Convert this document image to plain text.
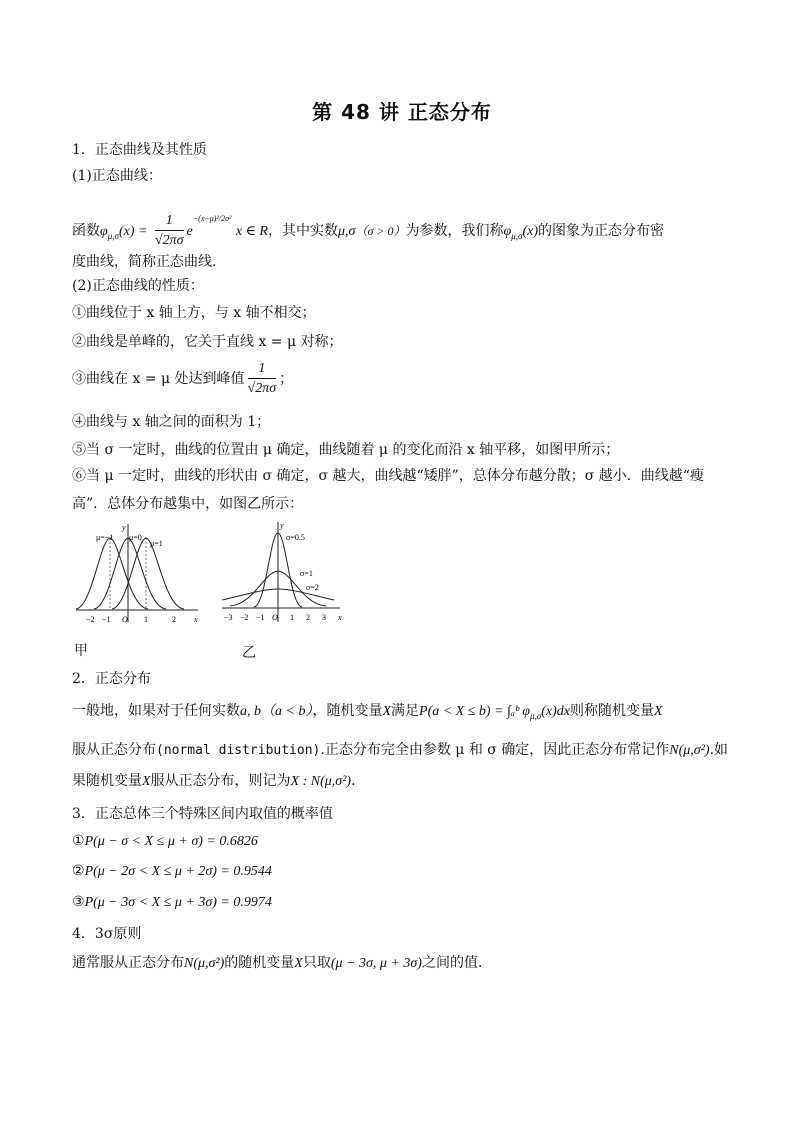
第 48 讲 正态分布
1．正态曲线及其性质
(1)正态曲线：
函数$\varphi_{\mu,\sigma}(x) = \frac{1}{√2\pi\sigma} e^{-(x-\mu)^2/2\sigma^2}$ x ∈ R，其中实数μ,σ（σ > 0）为参数，我们称$\varphi_{\mu,\sigma}(x)$的图象为正态分布密
度曲线，简称正态曲线.
(2)正态曲线的性质：
①曲线位于 x 轴上方，与 x 轴不相交；
②曲线是单峰的，它关于直线 x = μ 对称；
③曲线在 x = μ 处达到峰值 $\frac{1}{√2\pi\sigma}$ ；
④曲线与 x 轴之间的面积为 1；
⑤当 σ 一定时，曲线的位置由 μ 确定，曲线随着 μ 的变化而沿 x 轴平移，如图甲所示；
⑥当 μ 一定时，曲线的形状由 σ 确定，σ 越大，曲线越“矮胖”，总体分布越分散；σ 越小．曲线越“瘦
高”．总体分布越集中，如图乙所示：
y
x
μ=−1 μ=0
μ=1
−2 −1 O 1	2
y
x
σ=0.5
σ=1
σ=2
−3 −2 −1 O 1 2 3
甲	乙
2．正态分布
一般地，如果对于任何实数a, b（a < b），随机变量X满足P(a < X ≤ b) = ∫ₐᵇ $\varphi_{\mu,\sigma}(x)dx$则称随机变量X
服从正态分布(normal distribution).正态分布完全由参数 μ 和 σ 确定，因此正态分布常记作N(μ,σ²).如
果随机变量X服从正态分布，则记为X : N(μ,σ²)．
3．正态总体三个特殊区间内取值的概率值
①P(μ − σ < X ≤ μ + σ) = 0.6826
②P(μ − 2σ < X ≤ μ + 2σ) = 0.9544
③P(μ − 3σ < X ≤ μ + 3σ) = 0.9974
4．3σ原则
通常服从正态分布N(μ,σ²)的随机变量X只取(μ − 3σ, μ + 3σ)之间的值.
